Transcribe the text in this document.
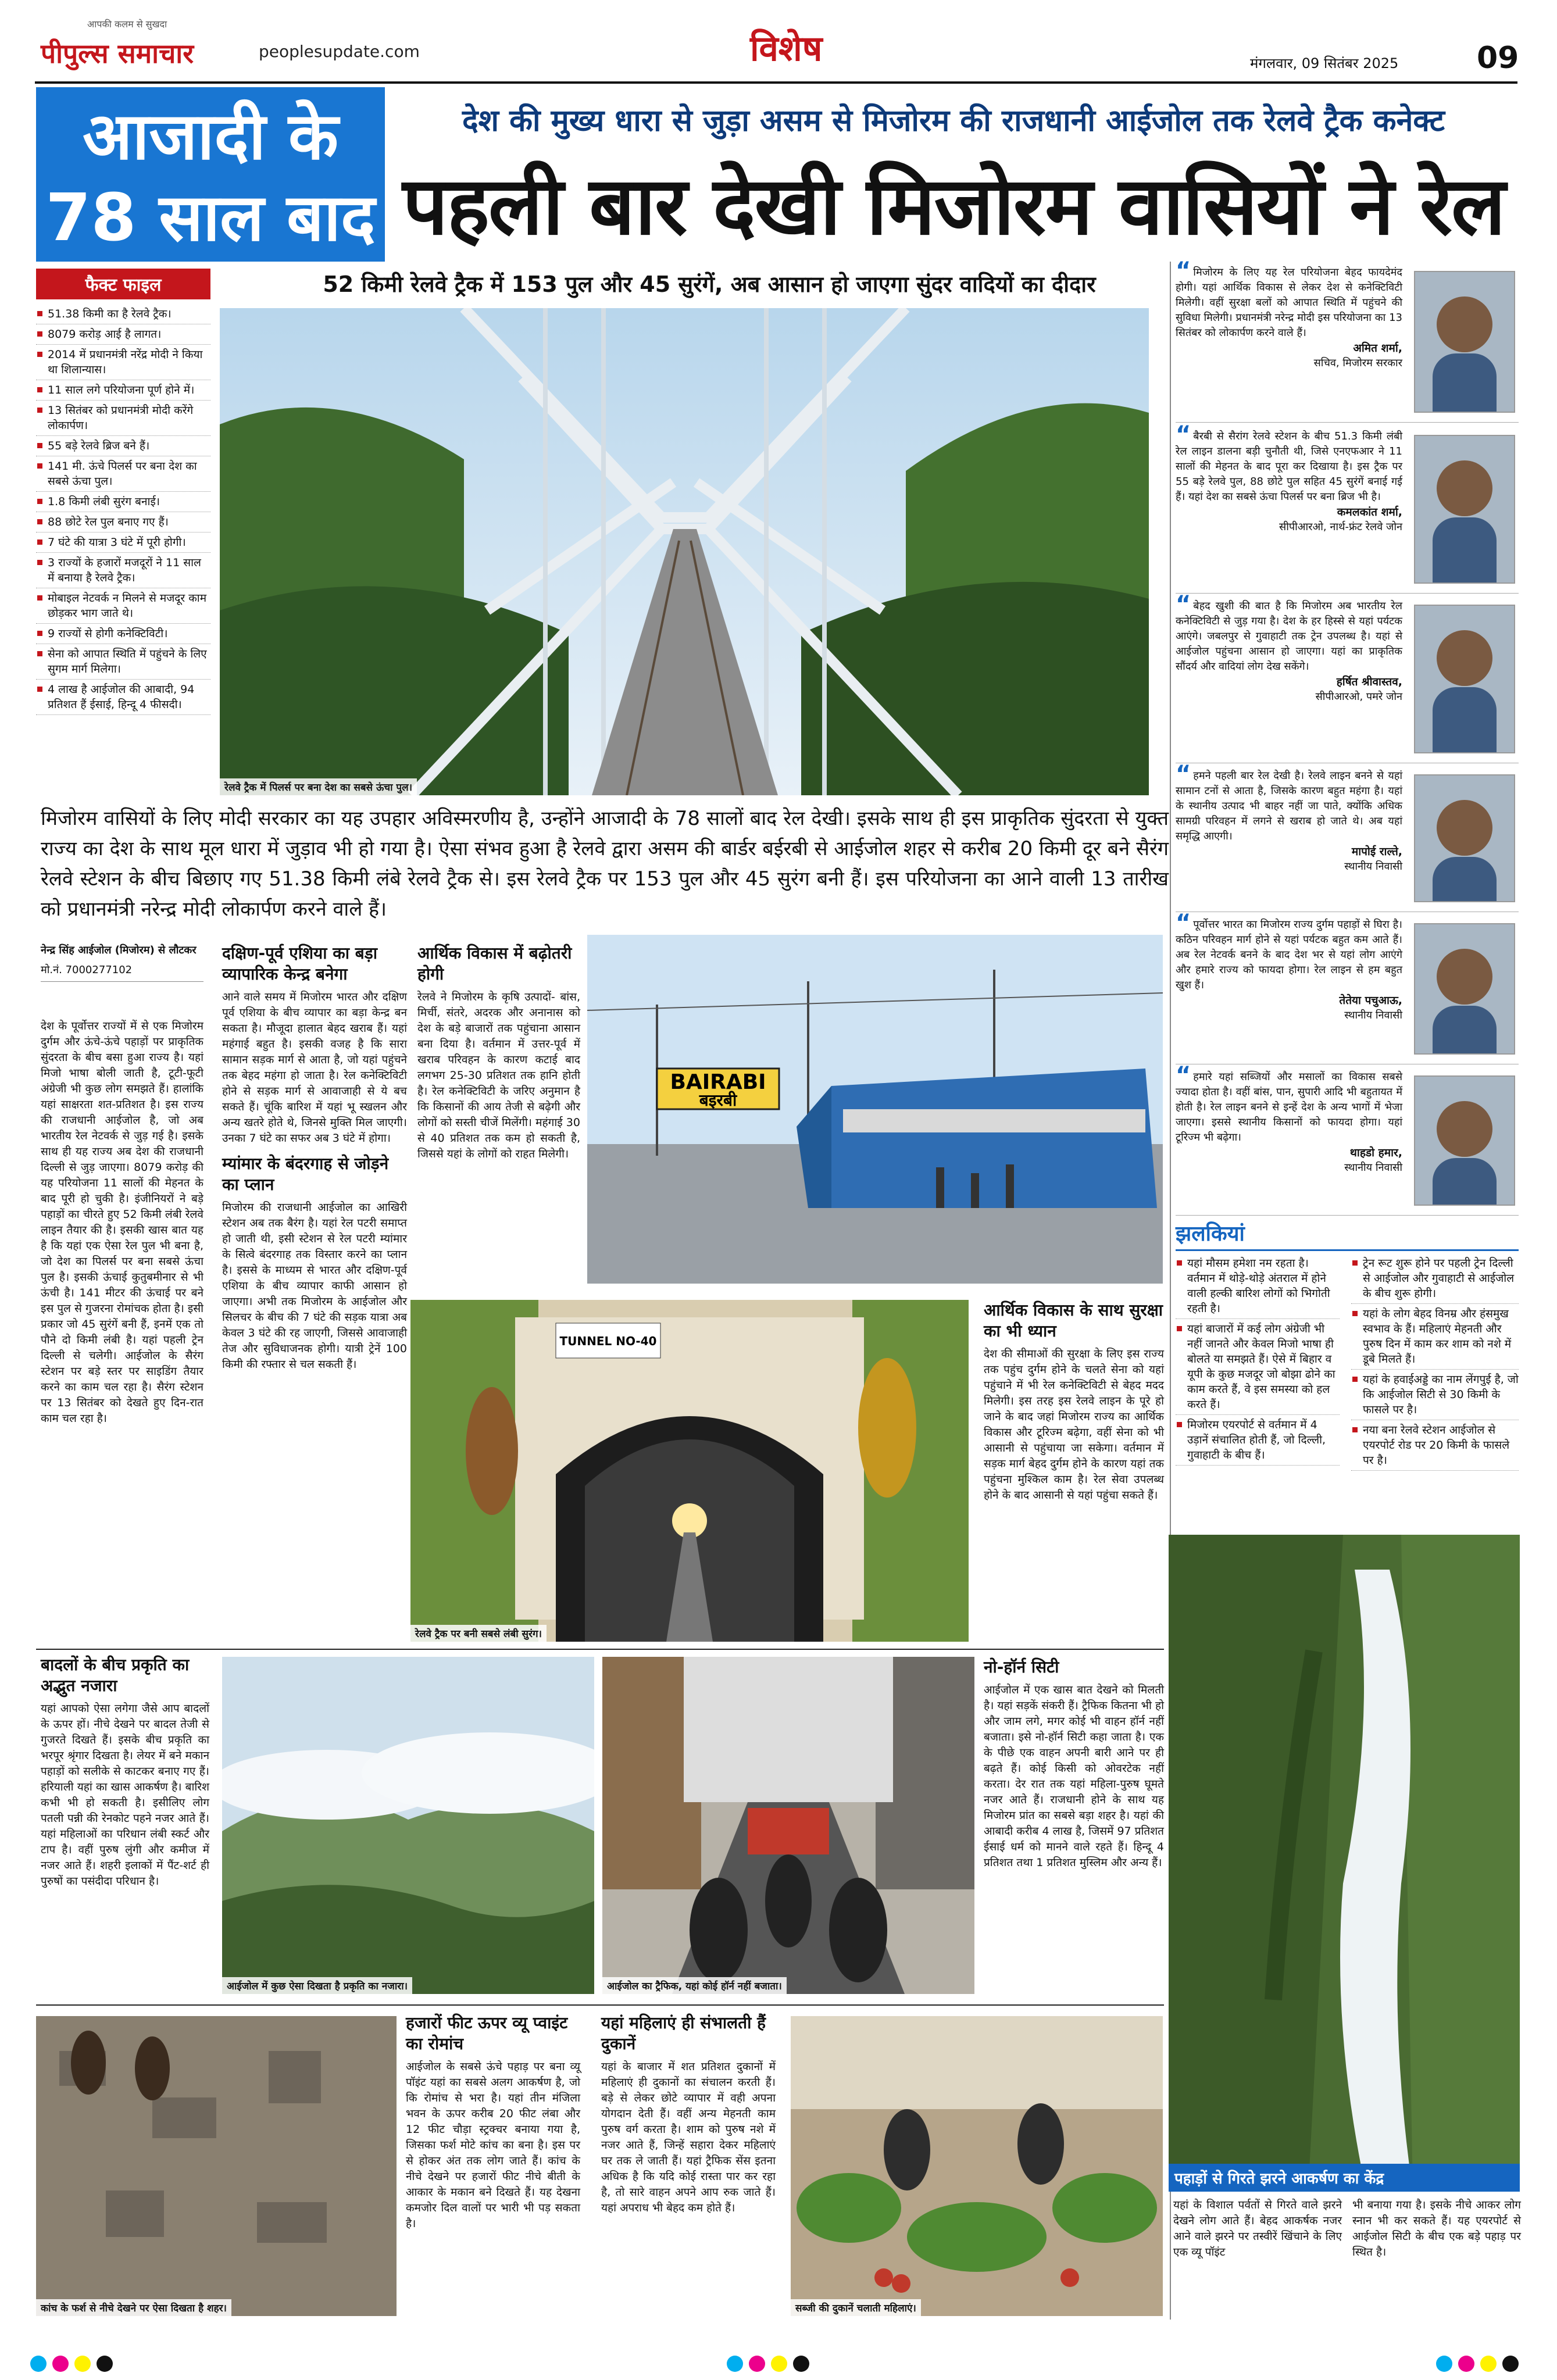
आपकी कलम से सुखदा
पीपुल्स समाचार	peoplesupdate.com	विशेष	मंगलवार, 09 सितंबर 2025	09
आजादी के
78 साल बाद
देश की मुख्य धारा से जुड़ा असम से मिजोरम की राजधानी आईजोल तक रेलवे ट्रैक कनेक्ट
पहली बार देखी मिजोरम वासियों ने रेल
52 किमी रेलवे ट्रैक में 153 पुल और 45 सुरंगें, अब आसान हो जाएगा सुंदर वादियों का दीदार
फैक्ट फाइल
51.38 किमी का है रेलवे ट्रैक।
8079 करोड़ आई है लागत।
2014 में प्रधानमंत्री नरेंद्र मोदी ने किया था शिलान्यास।
11 साल लगे परियोजना पूर्ण होने में।
13 सितंबर को प्रधानमंत्री मोदी करेंगे लोकार्पण।
55 बड़े रेलवे ब्रिज बने हैं।
141 मी. ऊंचे पिलर्स पर बना देश का सबसे ऊंचा पुल।
1.8 किमी लंबी सुरंग बनाई।
88 छोटे रेल पुल बनाए गए हैं।
7 घंटे की यात्रा 3 घंटे में पूरी होगी।
3 राज्यों के हजारों मजदूरों ने 11 साल में बनाया है रेलवे ट्रैक।
मोबाइल नेटवर्क न मिलने से मजदूर काम छोड़कर भाग जाते थे।
9 राज्यों से होगी कनेक्टिविटी।
सेना को आपात स्थिति में पहुंचने के लिए सुगम मार्ग मिलेगा।
4 लाख है आईजोल की आबादी, 94 प्रतिशत हैं ईसाई, हिन्दू 4 फीसदी।
रेलवे ट्रैक में पिलर्स पर बना देश का सबसे ऊंचा पुल।
मिजोरम वासियों के लिए मोदी सरकार का यह उपहार अविस्मरणीय है, उन्होंने आजादी के 78 सालों बाद रेल देखी। इसके साथ ही इस प्राकृतिक सुंदरता से युक्त राज्य का देश के साथ मूल धारा में जुड़ाव भी हो गया है। ऐसा संभव हुआ है रेलवे द्वारा असम की बार्डर बईरबी से आईजोल शहर से करीब 20 किमी दूर बने सैरंग रेलवे स्टेशन के बीच बिछाए गए 51.38 किमी लंबे रेलवे ट्रैक से। इस रेलवे ट्रैक पर 153 पुल और 45 सुरंग बनी हैं। इस परियोजना का आने वाली 13 तारीख को प्रधानमंत्री नरेन्द्र मोदी लोकार्पण करने वाले हैं।
नेन्द्र सिंह आईजोल (मिजोरम) से लौटकर
मो.नं. 7000277102
देश के पूर्वोत्तर राज्यों में से एक मिजोरम दुर्गम और ऊंचे-ऊंचे पहाड़ों पर प्राकृतिक सुंदरता के बीच बसा हुआ राज्य है। यहां मिजो भाषा बोली जाती है, टूटी-फूटी अंग्रेजी भी कुछ लोग समझते हैं। हालांकि यहां साक्षरता शत-प्रतिशत है। इस राज्य की राजधानी आईजोल है, जो अब भारतीय रेल नेटवर्क से जुड़ गई है। इसके साथ ही यह राज्य अब देश की राजधानी दिल्ली से जुड़ जाएगा। 8079 करोड़ की यह परियोजना 11 सालों की मेहनत के बाद पूरी हो चुकी है। इंजीनियरों ने बड़े पहाड़ों का चीरते हुए 52 किमी लंबी रेलवे लाइन तैयार की है। इसकी खास बात यह है कि यहां एक ऐसा रेल पुल भी बना है, जो देश का पिलर्स पर बना सबसे ऊंचा पुल है। इसकी ऊंचाई कुतुबमीनार से भी ऊंची है। 141 मीटर की ऊंचाई पर बने इस पुल से गुजरना रोमांचक होता है। इसी प्रकार जो 45 सुरंगें बनी हैं, इनमें एक तो पौने दो किमी लंबी है। यहां पहली ट्रेन दिल्ली से चलेगी। आईजोल के सैरंग स्टेशन पर बड़े स्तर पर साइडिंग तैयार करने का काम चल रहा है। सैरंग स्टेशन पर 13 सितंबर को देखते हुए दिन-रात काम चल रहा है।
दक्षिण-पूर्व एशिया का बड़ा व्यापारिक केन्द्र बनेगा
आने वाले समय में मिजोरम भारत और दक्षिण पूर्व एशिया के बीच व्यापार का बड़ा केन्द्र बन सकता है। मौजूदा हालात बेहद खराब हैं। यहां महंगाई बहुत है। इसकी वजह है कि सारा सामान सड़क मार्ग से आता है, जो यहां पहुंचने तक बेहद महंगा हो जाता है। रेल कनेक्टिविटी होने से सड़क मार्ग से आवाजाही से ये बच सकते हैं। चूंकि बारिश में यहां भू स्खलन और अन्य खतरे होते थे, जिनसे मुक्ति मिल जाएगी। उनका 7 घंटे का सफर अब 3 घंटे में होगा।
म्यांमार के बंदरगाह से जोड़ने का प्लान
मिजोरम की राजधानी आईजोल का आखिरी स्टेशन अब तक बैरंग है। यहां रेल पटरी समाप्त हो जाती थी, इसी स्टेशन से रेल पटरी म्यांमार के सित्वे बंदरगाह तक विस्तार करने का प्लान है। इससे के माध्यम से भारत और दक्षिण-पूर्व एशिया के बीच व्यापार काफी आसान हो जाएगा। अभी तक मिजोरम के आईजोल और सिलचर के बीच की 7 घंटे की सड़क यात्रा अब केवल 3 घंटे की रह जाएगी, जिससे आवाजाही तेज और सुविधाजनक होगी। यात्री ट्रेनें 100 किमी की रफ्तार से चल सकती हैं।
आर्थिक विकास में बढ़ोतरी होगी
रेलवे ने मिजोरम के कृषि उत्पादों- बांस, मिर्ची, संतरे, अदरक और अनानास को देश के बड़े बाजारों तक पहुंचाना आसान बना दिया है। वर्तमान में उत्तर-पूर्व में खराब परिवहन के कारण कटाई बाद लगभग 25-30 प्रतिशत तक हानि होती है। रेल कनेक्टिविटी के जरिए अनुमान है कि किसानों की आय तेजी से बढ़ेगी और लोगों को सस्ती चीजें मिलेंगी। महंगाई 30 से 40 प्रतिशत तक कम हो सकती है, जिससे यहां के लोगों को राहत मिलेगी।
BAIRABI
बइरबी
TUNNEL NO-40
रेलवे ट्रैक पर बनी सबसे लंबी सुरंग।
आर्थिक विकास के साथ सुरक्षा का भी ध्यान
देश की सीमाओं की सुरक्षा के लिए इस राज्य तक पहुंच दुर्गम होने के चलते सेना को यहां पहुंचाने में भी रेल कनेक्टिविटी से बेहद मदद मिलेगी। इस तरह इस रेलवे लाइन के पूरे हो जाने के बाद जहां मिजोरम राज्य का आर्थिक विकास और टूरिज्म बढ़ेगा, वहीं सेना को भी आसानी से पहुंचाया जा सकेगा। वर्तमान में सड़क मार्ग बेहद दुर्गम होने के कारण यहां तक पहुंचना मुश्किल काम है। रेल सेवा उपलब्ध होने के बाद आसानी से यहां पहुंचा सकते हैं।
बादलों के बीच प्रकृति का अद्भुत नजारा
यहां आपको ऐसा लगेगा जैसे आप बादलों के ऊपर हों। नीचे देखने पर बादल तेजी से गुजरते दिखते हैं। इसके बीच प्रकृति का भरपूर श्रृंगार दिखता है। लेयर में बने मकान पहाड़ों को सलीके से काटकर बनाए गए हैं। हरियाली यहां का खास आकर्षण है। बारिश कभी भी हो सकती है। इसीलिए लोग पतली पन्नी की रेनकोट पहने नजर आते हैं। यहां महिलाओं का परिधान लंबी स्कर्ट और टाप है। वहीं पुरुष लुंगी और कमीज में नजर आते हैं। शहरी इलाकों में पैंट-शर्ट ही पुरुषों का पसंदीदा परिधान है।
आईजोल में कुछ ऐसा दिखता है प्रकृति का नजारा।	आईजोल का ट्रैफिक, यहां कोई हॉर्न नहीं बजाता।
नो-हॉर्न सिटी
आईजोल में एक खास बात देखने को मिलती है। यहां सड़कें संकरी हैं। ट्रैफिक कितना भी हो और जाम लगे, मगर कोई भी वाहन हॉर्न नहीं बजाता। इसे नो-हॉर्न सिटी कहा जाता है। एक के पीछे एक वाहन अपनी बारी आने पर ही बढ़ते हैं। कोई किसी को ओवरटेक नहीं करता। देर रात तक यहां महिला-पुरुष घूमते नजर आते हैं। राजधानी होने के साथ यह मिजोरम प्रांत का सबसे बड़ा शहर है। यहां की आबादी करीब 4 लाख है, जिसमें 97 प्रतिशत ईसाई धर्म को मानने वाले रहते हैं। हिन्दू 4 प्रतिशत तथा 1 प्रतिशत मुस्लिम और अन्य हैं।
कांच के फर्श से नीचे देखने पर ऐसा दिखता है शहर।
हजारों फीट ऊपर व्यू प्वाइंट का रोमांच
आईजोल के सबसे ऊंचे पहाड़ पर बना व्यू पॉइंट यहां का सबसे अलग आकर्षण है, जो कि रोमांच से भरा है। यहां तीन मंजिला भवन के ऊपर करीब 20 फीट लंबा और 12 फीट चौड़ा स्ट्रक्चर बनाया गया है, जिसका फर्श मोटे कांच का बना है। इस पर से होकर अंत तक लोग जाते हैं। कांच के नीचे देखने पर हजारों फीट नीचे बीती के आकार के मकान बने दिखते हैं। यह देखना कमजोर दिल वालों पर भारी भी पड़ सकता है।
यहां महिलाएं ही संभालती हैं दुकानें
यहां के बाजार में शत प्रतिशत दुकानों में महिलाएं ही दुकानों का संचालन करती हैं। बड़े से लेकर छोटे व्यापार में वही अपना योगदान देती हैं। वहीं अन्य मेहनती काम पुरुष वर्ग करता है। शाम को पुरुष नशे में नजर आते हैं, जिन्हें सहारा देकर महिलाएं घर तक ले जाती हैं। यहां ट्रैफिक सेंस इतना अधिक है कि यदि कोई रास्ता पार कर रहा है, तो सारे वाहन अपने आप रुक जाते हैं। यहां अपराध भी बेहद कम होते हैं।
सब्जी की दुकानें चलाती महिलाएं।
“ मिजोरम के लिए यह रेल परियोजना बेहद फायदेमंद होगी। यहां आर्थिक विकास से लेकर देश से कनेक्टिविटी मिलेगी। वहीं सुरक्षा बलों को आपात स्थिति में पहुंचने की सुविधा मिलेगी। प्रधानमंत्री नरेन्द्र मोदी इस परियोजना का 13 सितंबर को लोकार्पण करने वाले हैं।
अमित शर्मा,
सचिव, मिजोरम सरकार
“ बैरबी से सैरांग रेलवे स्टेशन के बीच 51.3 किमी लंबी रेल लाइन डालना बड़ी चुनौती थी, जिसे एनएफआर ने 11 सालों की मेहनत के बाद पूरा कर दिखाया है। इस ट्रैक पर 55 बड़े रेलवे पुल, 88 छोटे पुल सहित 45 सुरंगें बनाई गई हैं। यहां देश का सबसे ऊंचा पिलर्स पर बना ब्रिज भी है।
कमलकांत शर्मा,
सीपीआरओ, नार्थ-फ्रंट रेलवे जोन
“ बेहद खुशी की बात है कि मिजोरम अब भारतीय रेल कनेक्टिविटी से जुड़ गया है। देश के हर हिस्से से यहां पर्यटक आएंगे। जबलपुर से गुवाहाटी तक ट्रेन उपलब्ध है। यहां से आईजोल पहुंचना आसान हो जाएगा। यहां का प्राकृतिक सौंदर्य और वादियां लोग देख सकेंगे।
हर्षित श्रीवास्तव,
सीपीआरओ, पमरे जोन
“ हमने पहली बार रेल देखी है। रेलवे लाइन बनने से यहां सामान टनों से आता है, जिसके कारण बहुत महंगा है। यहां के स्थानीय उत्पाद भी बाहर नहीं जा पाते, क्योंकि अधिक सामग्री परिवहन में लगने से खराब हो जाते थे। अब यहां समृद्धि आएगी।
मापोई राल्ते,
स्थानीय निवासी
“ पूर्वोत्तर भारत का मिजोरम राज्य दुर्गम पहाड़ों से घिरा है। कठिन परिवहन मार्ग होने से यहां पर्यटक बहुत कम आते हैं। अब रेल नेटवर्क बनने के बाद देश भर से यहां लोग आएंगे और हमारे राज्य को फायदा होगा। रेल लाइन से हम बहुत खुश हैं।
तेतेया पचुआऊ,
स्थानीय निवासी
“ हमारे यहां सब्जियों और मसालों का विकास सबसे ज्यादा होता है। वहीं बांस, पान, सुपारी आदि भी बहुतायत में होती है। रेल लाइन बनने से इन्हें देश के अन्य भागों में भेजा जाएगा। इससे स्थानीय किसानों को फायदा होगा। यहां टूरिज्म भी बढ़ेगा।
थाहडो हमार,
स्थानीय निवासी
झलकियां
यहां मौसम हमेशा नम रहता है। वर्तमान में थोड़े-थोड़े अंतराल में होने वाली हल्की बारिश लोगों को भिगोती रहती है।
यहां बाजारों में कई लोग अंग्रेजी भी नहीं जानते और केवल मिजो भाषा ही बोलते या समझते हैं। ऐसे में बिहार व यूपी के कुछ मजदूर जो बोझा ढोने का काम करते हैं, वे इस समस्या को हल करते हैं।
मिजोरम एयरपोर्ट से वर्तमान में 4 उड़ानें संचालित होती हैं, जो दिल्ली, गुवाहाटी के बीच हैं।
ट्रेन रूट शुरू होने पर पहली ट्रेन दिल्ली से आईजोल और गुवाहाटी से आईजोल के बीच शुरू होगी।
यहां के लोग बेहद विनम्र और हंसमुख स्वभाव के हैं। महिलाएं मेहनती और पुरुष दिन में काम कर शाम को नशे में डूबे मिलते हैं।
यहां के हवाईअड्डे का नाम लेंगपुई है, जो कि आईजोल सिटी से 30 किमी के फासले पर है।
नया बना रेलवे स्टेशन आईजोल से एयरपोर्ट रोड पर 20 किमी के फासले पर है।
पहाड़ों से गिरते झरने आकर्षण का केंद्र
यहां के विशाल पर्वतों से गिरते वाले झरने देखने लोग आते हैं। बेहद आकर्षक नजर आने वाले झरने पर तस्वीरें खिंचाने के लिए एक व्यू पॉइंट
भी बनाया गया है। इसके नीचे आकर लोग स्नान भी कर सकते हैं। यह एयरपोर्ट से आईजोल सिटी के बीच एक बड़े पहाड़ पर स्थित है।
